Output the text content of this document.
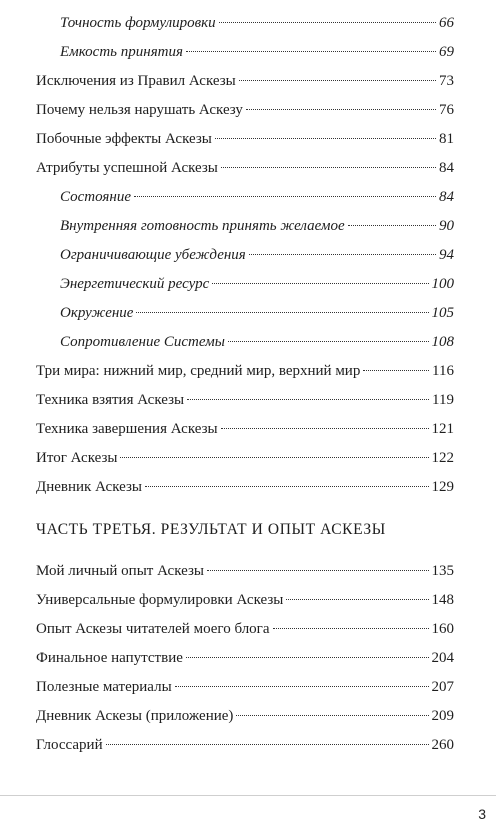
Точность формулировки	66
Емкость принятия	69
Исключения из Правил Аскезы	73
Почему нельзя нарушать Аскезу	76
Побочные эффекты Аскезы	81
Атрибуты успешной Аскезы	84
Состояние	84
Внутренняя готовность принять желаемое	90
Ограничивающие убеждения	94
Энергетический ресурс	100
Окружение	105
Сопротивление Системы	108
Три мира: нижний мир, средний мир, верхний мир	116
Техника взятия Аскезы	119
Техника завершения Аскезы	121
Итог Аскезы	122
Дневник Аскезы	129
ЧАСТЬ ТРЕТЬЯ. РЕЗУЛЬТАТ И ОПЫТ АСКЕЗЫ
Мой личный опыт Аскезы	135
Универсальные формулировки Аскезы	148
Опыт Аскезы читателей моего блога	160
Финальное напутствие	204
Полезные материалы	207
Дневник Аскезы (приложение)	209
Глоссарий	260
3
